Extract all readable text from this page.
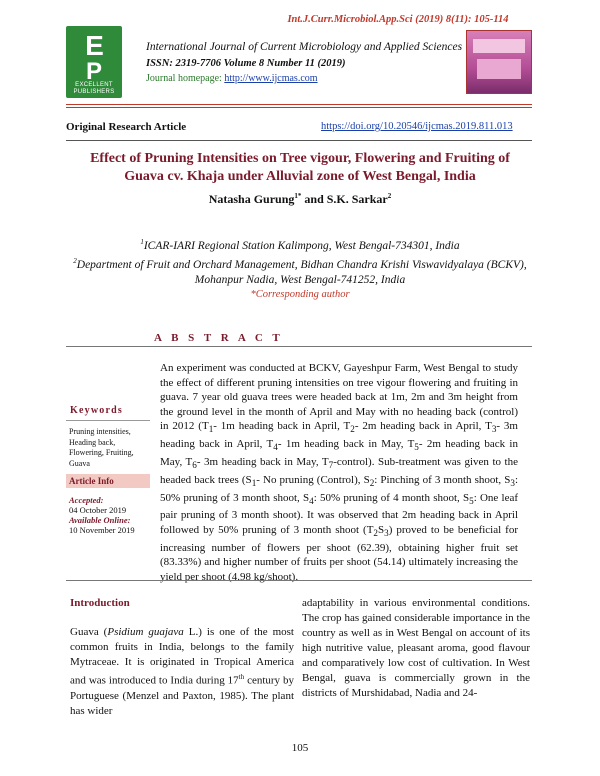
Int.J.Curr.Microbiol.App.Sci (2019) 8(11): 105-114
E
P
EXCELLENT PUBLISHERS
International Journal of Current Microbiology and Applied Sciences
ISSN: 2319-7706 Volume 8 Number 11 (2019)
Journal homepage: http://www.ijcmas.com
Original Research Article	https://doi.org/10.20546/ijcmas.2019.811.013
Effect of Pruning Intensities on Tree vigour, Flowering and Fruiting of Guava cv. Khaja under Alluvial zone of West Bengal, India
Natasha Gurung$^{1*}$ and S.K. Sarkar$^2$
$^1$ICAR-IARI Regional Station Kalimpong, West Bengal-734301, India
$^2$Department of Fruit and Orchard Management, Bidhan Chandra Krishi Viswavidyalaya (BCKV), Mohanpur Nadia, West Bengal-741252, India
*Corresponding author
A B S T R A C T
Keywords
Pruning intensities, Heading back, Flowering, Fruiting, Guava
Article Info
Accepted:
04 October 2019
Available Online:
10 November 2019
An experiment was conducted at BCKV, Gayeshpur Farm, West Bengal to study the effect of different pruning intensities on tree vigour flowering and fruiting in guava. 7 year old guava trees were headed back at 1m, 2m and 3m height from the ground level in the month of April and May with no heading back (control) in 2012 ($T_1-$ 1m heading back in April, $T_2-$ 2m heading back in April, $T_3-$ 3m heading back in April, $T_4-$ 1m heading back in May, $T_5-$ 2m heading back in May, $T_6-$ 3m heading back in May, $T_7-control$). Sub-treatment was given to the headed back trees ($S_1-$ No pruning (Control), $S_2$: Pinching of 3 month shoot, $S_3$: 50% pruning of 3 month shoot, $S_4$: 50% pruning of 4 month shoot, $S_5$: One leaf pair pruning of 3 month shoot). It was observed that 2m heading back in April followed by 50% pruning of 3 month shoot $(T_2S_3)$ proved to be beneficial for increasing number of flowers per shoot (62.39), obtaining higher fruit set (83.33%) and higher number of fruits per shoot (54.14) ultimately increasing the yield per shoot (4.98 kg/shoot).
Introduction
Guava (Psidium guajava L.) is one of the most common fruits in India, belongs to the family Mytraceae. It is originated in Tropical America and was introduced to India during 17th century by Portuguese (Menzel and Paxton, 1985). The plant has wider
adaptability in various environmental conditions. The crop has gained considerable importance in the country as well as in West Bengal on account of its high nutritive value, pleasant aroma, good flavour and comparatively low cost of cultivation. In West Bengal, guava is commercially grown in the districts of Murshidabad, Nadia and 24-
105
